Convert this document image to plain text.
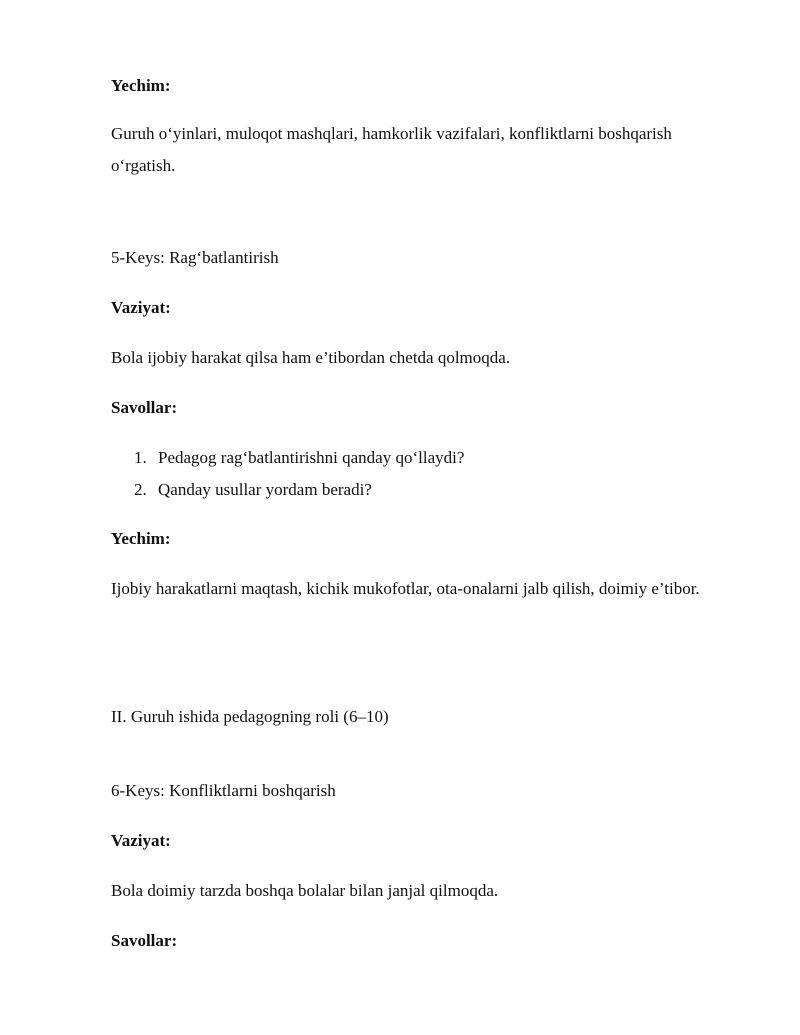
Yechim:

Guruh o‘yinlari, muloqot mashqlari, hamkorlik vazifalari, konfliktlarni boshqarish o‘rgatish.

5-Keys: Rag‘batlantirish

Vaziyat:

Bola ijobiy harakat qilsa ham e’tibordan chetda qolmoqda.

Savollar:

1. Pedagog rag‘batlantirishni qanday qo‘llaydi?
2. Qanday usullar yordam beradi?

Yechim:

Ijobiy harakatlarni maqtash, kichik mukofotlar, ota-onalarni jalb qilish, doimiy e’tibor.

II. Guruh ishida pedagogning roli (6–10)

6-Keys: Konfliktlarni boshqarish

Vaziyat:

Bola doimiy tarzda boshqa bolalar bilan janjal qilmoqda.

Savollar:
